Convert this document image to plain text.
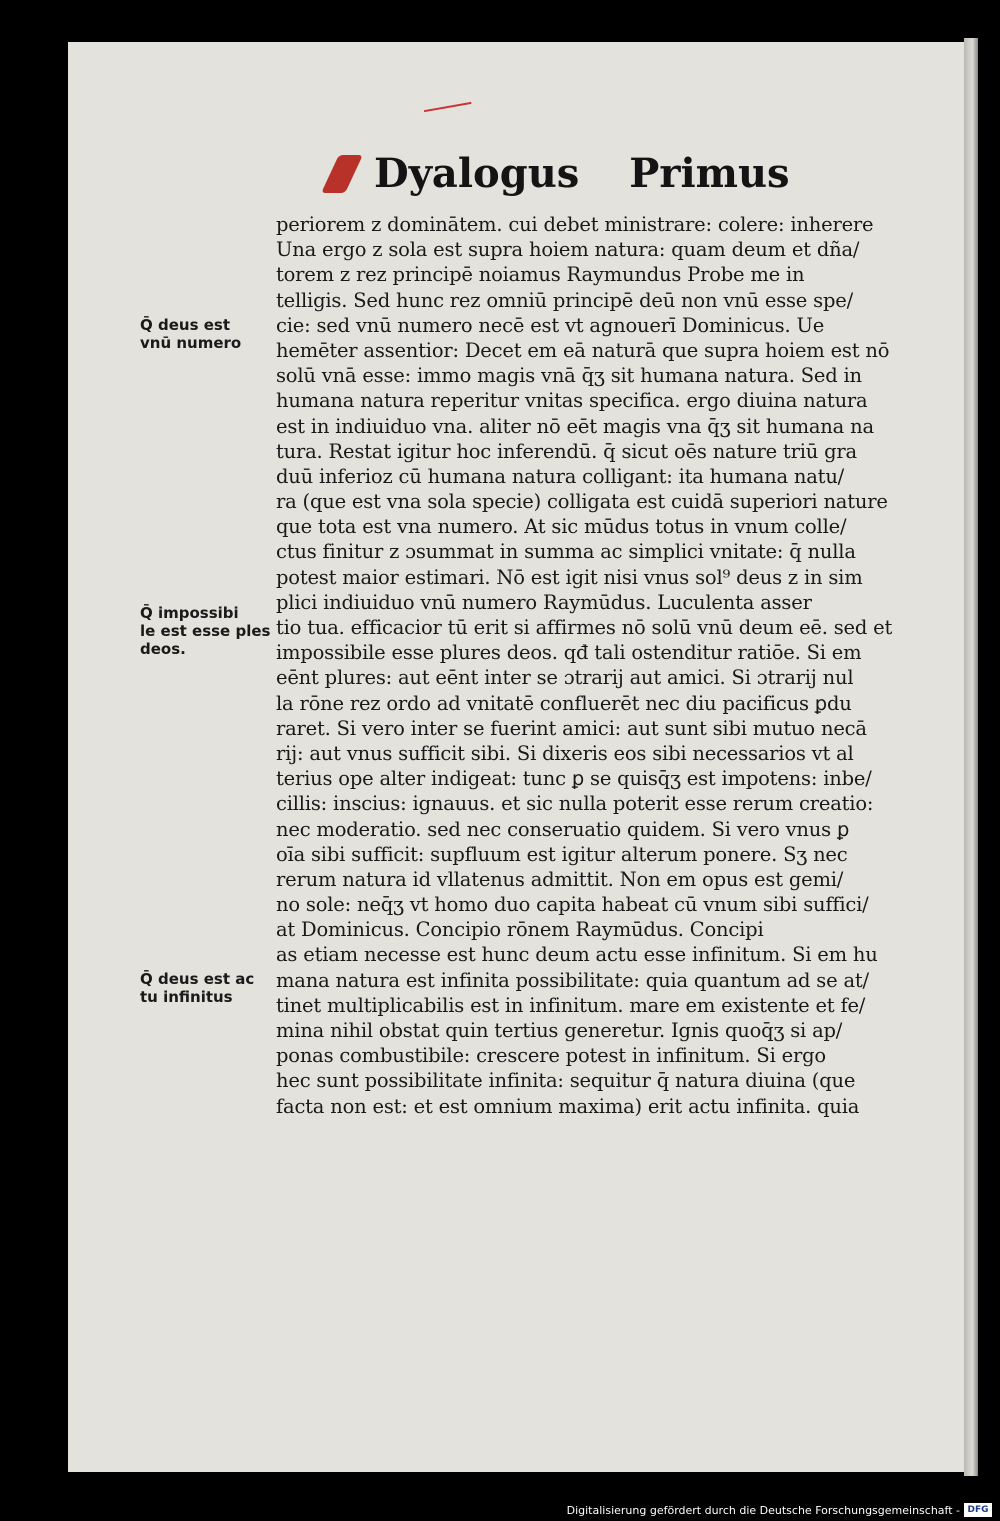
Dyalogus Primus
periorem z dominātem. cui debet ministrare: colere: inherere
Una ergo z sola est supra hoiem natura: quam deum et dña/
torem z rez principē noiamus Raymundus Probe me in
telligis. Sed hunc rez omniū principē deū non vnū esse spe/
cie: sed vnū numero necē est vt agnouerī Dominicus. Ue
hemēter assentior: Decet em eā naturā que supra hoiem est nō
solū vnā esse: immo magis vnā q̄ʒ sit humana natura. Sed in
humana natura reperitur vnitas specifica. ergo diuina natura
est in indiuiduo vna. aliter nō eēt magis vna q̄ʒ sit humana na
tura. Restat igitur hoc inferendū. q̄ sicut oēs nature triū gra
duū inferioz cū humana natura colligant: ita humana natu/
ra (que est vna sola specie) colligata est cuidā superiori nature
que tota est vna numero. At sic mūdus totus in vnum colle/
ctus finitur z ɔsummat in summa ac simplici vnitate: q̄ nulla
potest maior estimari. Nō est igit nisi vnus sol⁹ deus z in sim
plici indiuiduo vnū numero Raymūdus. Luculenta asser
tio tua. efficacior tū erit si affirmes nō solū vnū deum eē. sed et
impossibile esse plures deos. qđ tali ostenditur ratiōe. Si em
eēnt plures: aut eēnt inter se ɔtrarij aut amici. Si ɔtrarij nul
la rōne rez ordo ad vnitatē confluerēt nec diu pacificus ꝑdu
raret. Si vero inter se fuerint amici: aut sunt sibi mutuo necā
rij: aut vnus sufficit sibi. Si dixeris eos sibi necessarios vt al
terius ope alter indigeat: tunc ꝑ se quisq̄ʒ est impotens: inbe/
cillis: inscius: ignauus. et sic nulla poterit esse rerum creatio:
nec moderatio. sed nec conseruatio quidem. Si vero vnus ꝑ
oīa sibi sufficit: supfluum est igitur alterum ponere. Sʒ nec
rerum natura id vllatenus admittit. Non em opus est gemi/
no sole: neq̄ʒ vt homo duo capita habeat cū vnum sibi suffici/
at Dominicus. Concipio rōnem Raymūdus. Concipi
as etiam necesse est hunc deum actu esse infinitum. Si em hu
mana natura est infinita possibilitate: quia quantum ad se at/
tinet multiplicabilis est in infinitum. mare em existente et fe/
mina nihil obstat quin tertius generetur. Ignis quoq̄ʒ si ap/
ponas combustibile: crescere potest in infinitum. Si ergo
hec sunt possibilitate infinita: sequitur q̄ natura diuina (que
facta non est: et est omnium maxima) erit actu infinita. quia
Q̄ deus est
vnū numero
Q̄ impossibi
le est esse ples
deos.
Q̄ deus est ac
tu infinitus
Digitalisierung gefördert durch die Deutsche Forschungsgemeinschaft - DFG
